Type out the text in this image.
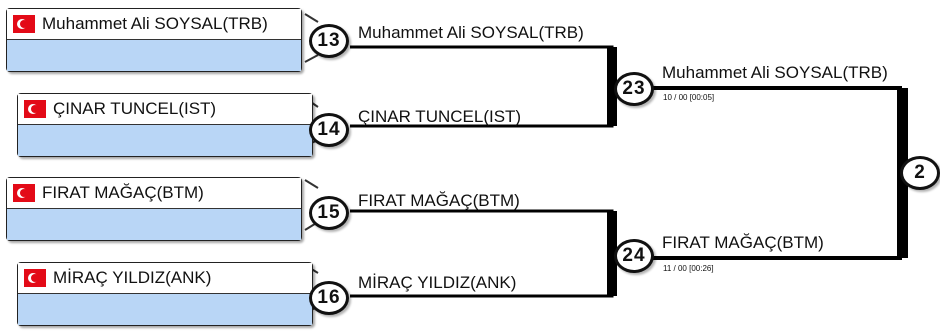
Muhammet Ali SOYSAL(TRB)
ÇINAR TUNCEL(IST)
FIRAT MAĞAÇ(BTM)
MİRAÇ YILDIZ(ANK)
13
14
15
16
Muhammet Ali SOYSAL(TRB)
ÇINAR TUNCEL(IST)
FIRAT MAĞAÇ(BTM)
MİRAÇ YILDIZ(ANK)
23
24
Muhammet Ali SOYSAL(TRB)
10 / 00 [00:05]
FIRAT MAĞAÇ(BTM)
11 / 00 [00:26]
2
